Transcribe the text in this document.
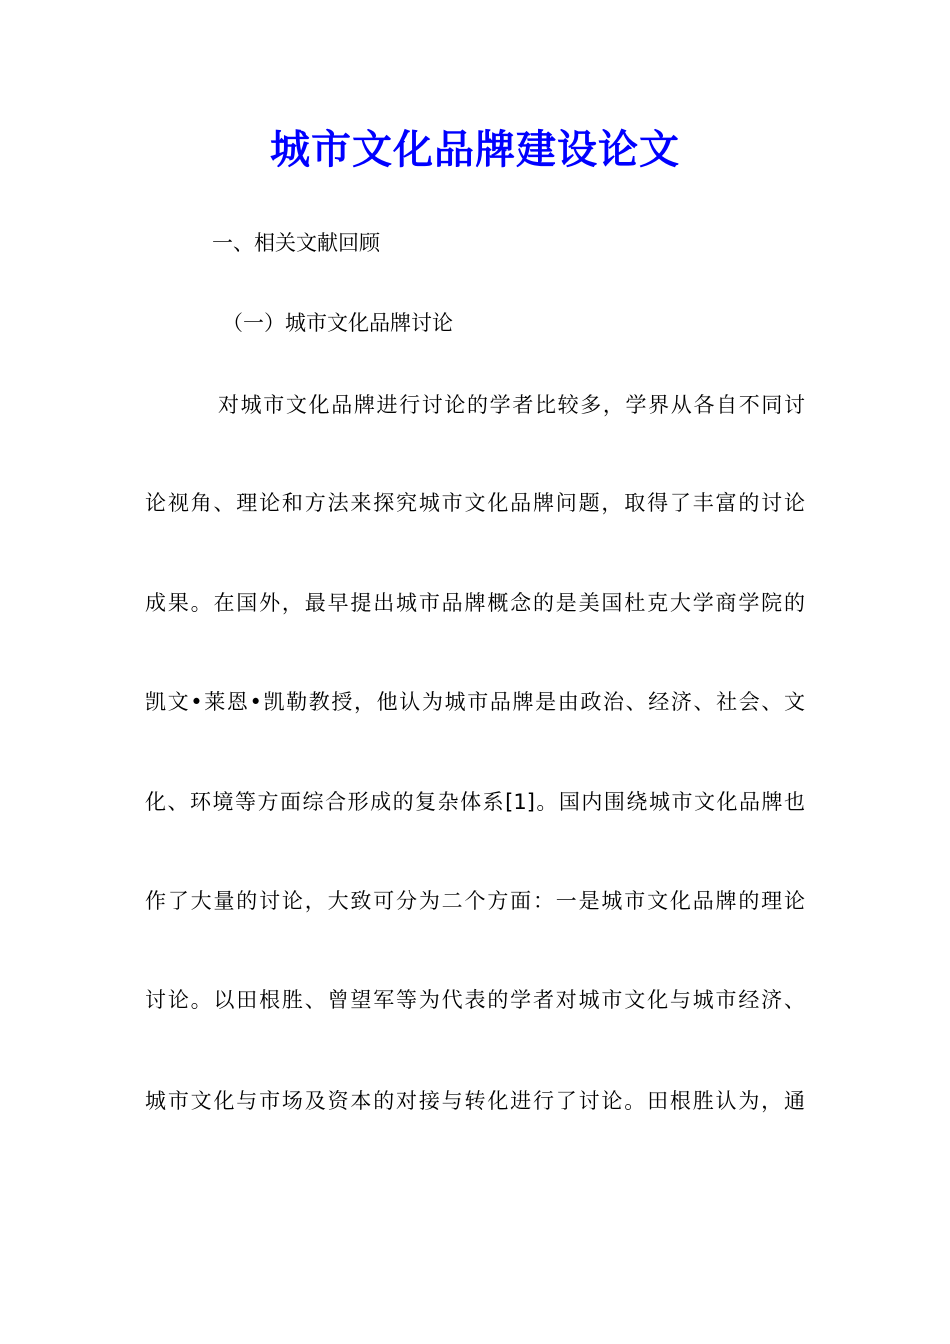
城市文化品牌建设论文
一、相关文献回顾
（一）城市文化品牌讨论
对城市文化品牌进行讨论的学者比较多，学界从各自不同讨
论视角、理论和方法来探究城市文化品牌问题，取得了丰富的讨论
成果。在国外，最早提出城市品牌概念的是美国杜克大学商学院的
凯文•莱恩•凯勒教授，他认为城市品牌是由政治、经济、社会、文
化、环境等方面综合形成的复杂体系[1]。国内围绕城市文化品牌也
作了大量的讨论，大致可分为二个方面：一是城市文化品牌的理论
讨论。以田根胜、曾望军等为代表的学者对城市文化与城市经济、
城市文化与市场及资本的对接与转化进行了讨论。田根胜认为，通
